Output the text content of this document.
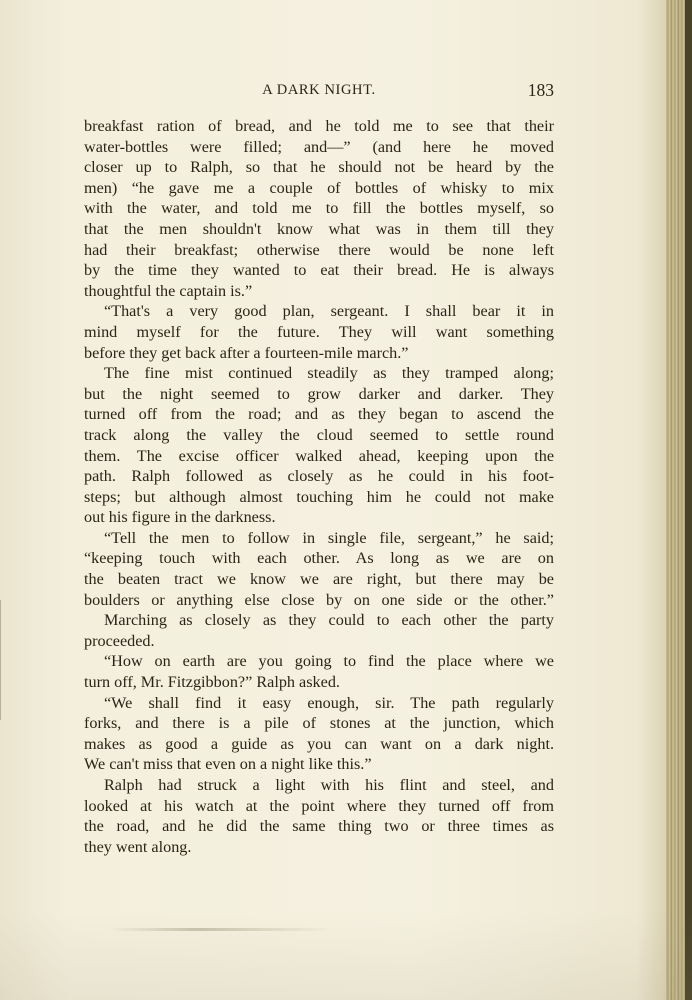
A DARK NIGHT.	183
breakfast ration of bread, and he told me to see that their
water-bottles were filled; and—” (and here he moved
closer up to Ralph, so that he should not be heard by the
men) “he gave me a couple of bottles of whisky to mix
with the water, and told me to fill the bottles myself, so
that the men shouldn't know what was in them till they
had their breakfast; otherwise there would be none left
by the time they wanted to eat their bread. He is always
thoughtful the captain is.”
“That's a very good plan, sergeant. I shall bear it in
mind myself for the future. They will want something
before they get back after a fourteen-mile march.”
The fine mist continued steadily as they tramped along;
but the night seemed to grow darker and darker. They
turned off from the road; and as they began to ascend the
track along the valley the cloud seemed to settle round
them. The excise officer walked ahead, keeping upon the
path. Ralph followed as closely as he could in his foot-
steps; but although almost touching him he could not make
out his figure in the darkness.
“Tell the men to follow in single file, sergeant,” he said;
“keeping touch with each other. As long as we are on
the beaten tract we know we are right, but there may be
boulders or anything else close by on one side or the other.”
Marching as closely as they could to each other the party
proceeded.
“How on earth are you going to find the place where we
turn off, Mr. Fitzgibbon?” Ralph asked.
“We shall find it easy enough, sir. The path regularly
forks, and there is a pile of stones at the junction, which
makes as good a guide as you can want on a dark night.
We can't miss that even on a night like this.”
Ralph had struck a light with his flint and steel, and
looked at his watch at the point where they turned off from
the road, and he did the same thing two or three times as
they went along.
